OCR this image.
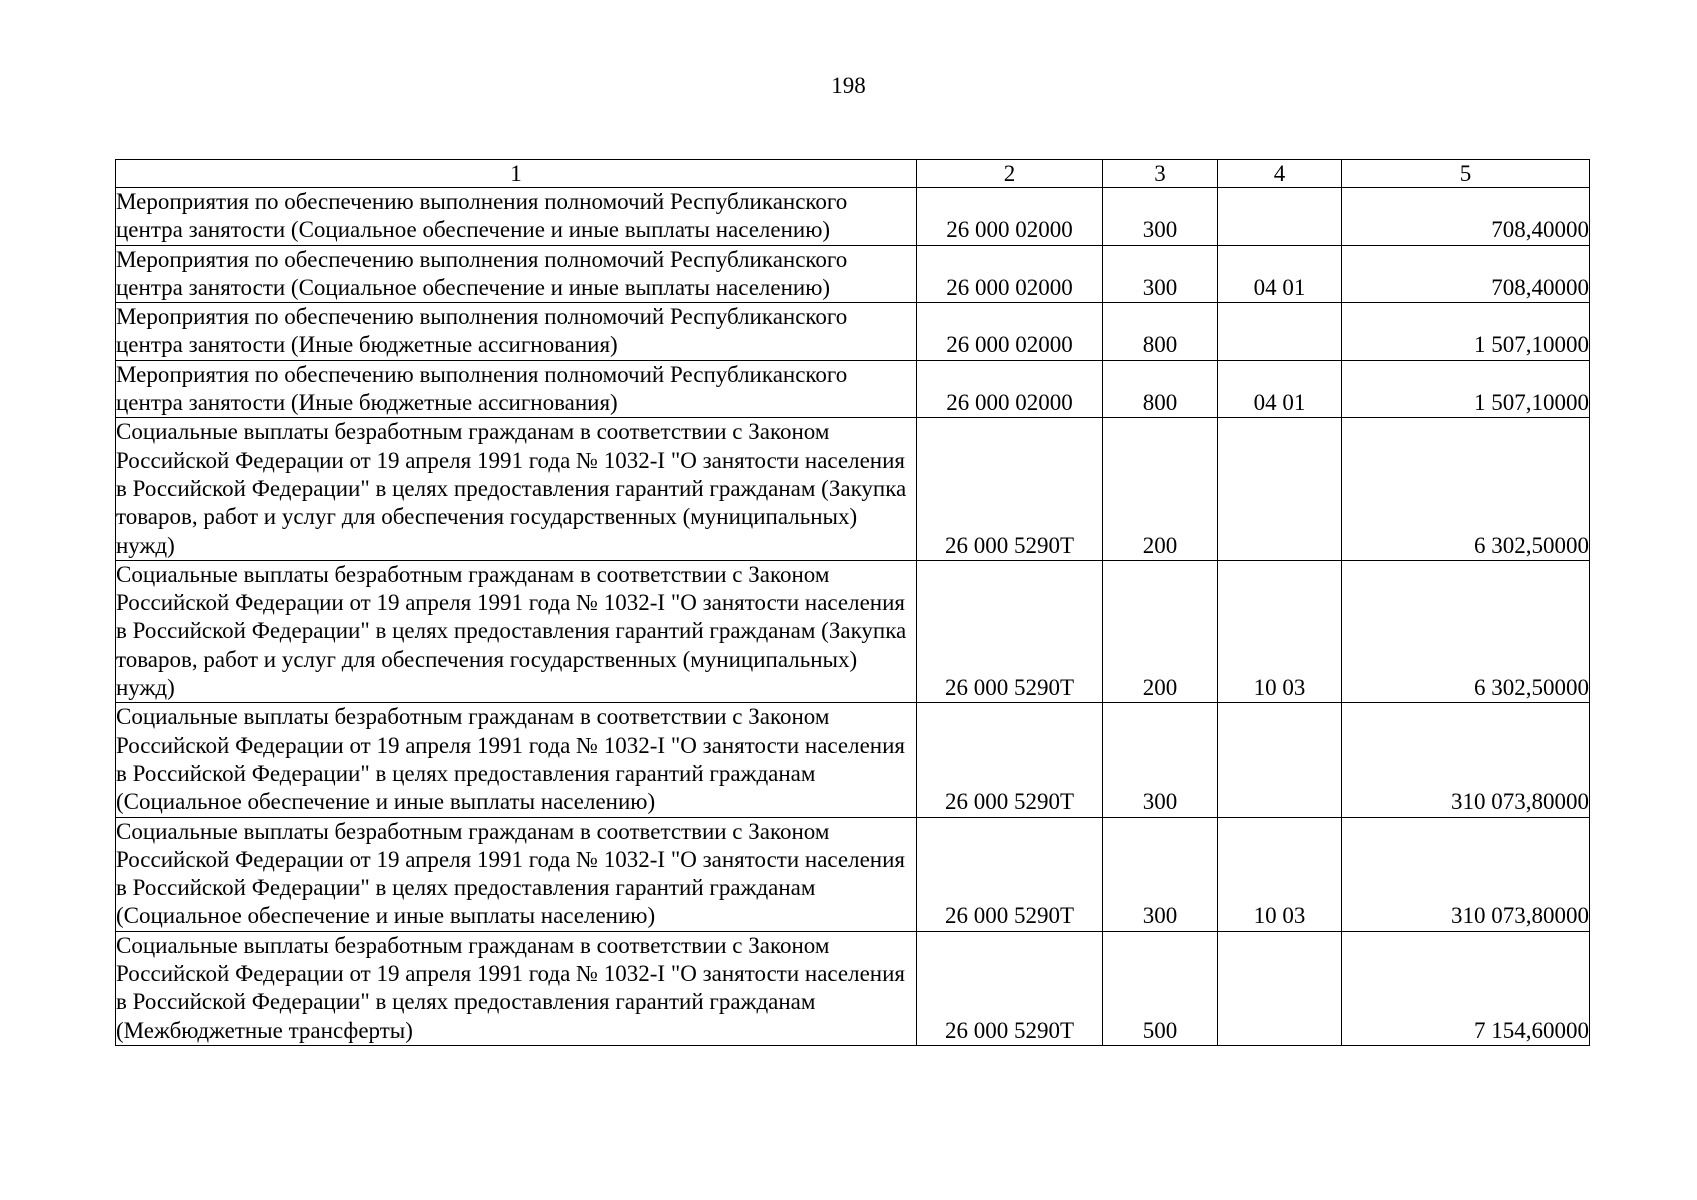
198
1	2	3	4	5
Мероприятия по обеспечению выполнения полномочий Республиканского центра занятости (Социальное обеспечение и иные выплаты населению)	26 000 02000	300		708,40000
Мероприятия по обеспечению выполнения полномочий Республиканского центра занятости (Социальное обеспечение и иные выплаты населению)	26 000 02000	300	04 01	708,40000
Мероприятия по обеспечению выполнения полномочий Республиканского центра занятости (Иные бюджетные ассигнования)	26 000 02000	800		1 507,10000
Мероприятия по обеспечению выполнения полномочий Республиканского центра занятости (Иные бюджетные ассигнования)	26 000 02000	800	04 01	1 507,10000
Социальные выплаты безработным гражданам в соответствии с Законом Российской Федерации от 19 апреля 1991 года № 1032-I "О занятости населения в Российской Федерации" в целях предоставления гарантий гражданам (Закупка товаров, работ и услуг для обеспечения государственных (муниципальных) нужд)	26 000 5290Т	200		6 302,50000
Социальные выплаты безработным гражданам в соответствии с Законом Российской Федерации от 19 апреля 1991 года № 1032-I "О занятости населения в Российской Федерации" в целях предоставления гарантий гражданам (Закупка товаров, работ и услуг для обеспечения государственных (муниципальных) нужд)	26 000 5290Т	200	10 03	6 302,50000
Социальные выплаты безработным гражданам в соответствии с Законом Российской Федерации от 19 апреля 1991 года № 1032-I "О занятости населения в Российской Федерации" в целях предоставления гарантий гражданам (Социальное обеспечение и иные выплаты населению)	26 000 5290Т	300		310 073,80000
Социальные выплаты безработным гражданам в соответствии с Законом Российской Федерации от 19 апреля 1991 года № 1032-I "О занятости населения в Российской Федерации" в целях предоставления гарантий гражданам (Социальное обеспечение и иные выплаты населению)	26 000 5290Т	300	10 03	310 073,80000
Социальные выплаты безработным гражданам в соответствии с Законом Российской Федерации от 19 апреля 1991 года № 1032-I "О занятости населения в Российской Федерации" в целях предоставления гарантий гражданам (Межбюджетные трансферты)	26 000 5290Т	500		7 154,60000
